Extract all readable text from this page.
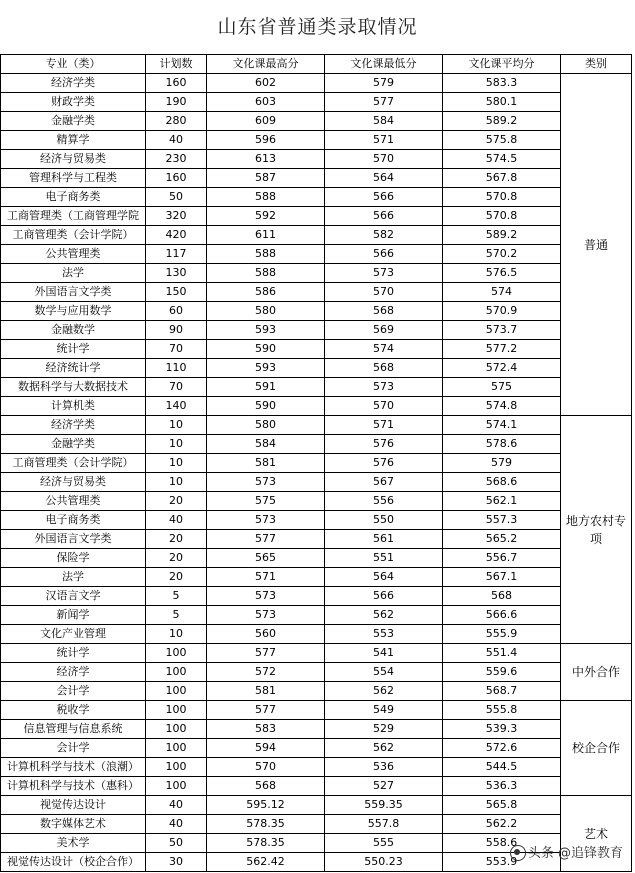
山东省普通类录取情况
专业（类）	计划数	文化课最高分	文化课最低分	文化课平均分	类别
经济学类	160	602	579	583.3	普通
财政学类	190	603	577	580.1	
金融学类	280	609	584	589.2	
精算学	40	596	571	575.8	
经济与贸易类	230	613	570	574.5	
管理科学与工程类	160	587	564	567.8	
电子商务类	50	588	566	570.8	
工商管理类（工商管理学院	320	592	566	570.8	
工商管理类（会计学院）	420	611	582	589.2	
公共管理类	117	588	566	570.2	
法学	130	588	573	576.5	
外国语言文学类	150	586	570	574	
数学与应用数学	60	580	568	570.9	
金融数学	90	593	569	573.7	
统计学	70	590	574	577.2	
经济统计学	110	593	568	572.4	
数据科学与大数据技术	70	591	573	575	
计算机类	140	590	570	574.8	
经济学类	10	580	571	574.1	地方农村专项
金融学类	10	584	576	578.6	
工商管理类（会计学院）	10	581	576	579	
经济与贸易类	10	573	567	568.6	
公共管理类	20	575	556	562.1	
电子商务类	40	573	550	557.3	
外国语言文学类	20	577	561	565.2	
保险学	20	565	551	556.7	
法学	20	571	564	567.1	
汉语言文学	5	573	566	568	
新闻学	5	573	562	566.6	
文化产业管理	10	560	553	555.9	
统计学	100	577	541	551.4	中外合作
经济学	100	572	554	559.6	
会计学	100	581	562	568.7	
税收学	100	577	549	555.8	校企合作
信息管理与信息系统	100	583	529	539.3	
会计学	100	594	562	572.6	
计算机科学与技术（浪潮）	100	570	536	544.5	
计算机科学与技术（惠科）	100	568	527	536.3	
视觉传达设计	40	595.12	559.35	565.8	艺术
数字媒体艺术	40	578.35	557.8	562.2	
美术学	50	578.35	555	558.6	
视觉传达设计（校企合作）	30	562.42	550.23	553.9	
头条 @追锋教育
